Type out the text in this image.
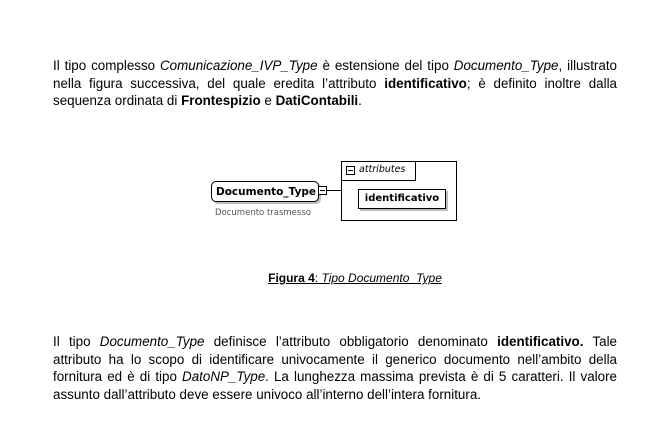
Il tipo complesso Comunicazione_IVP_Type è estensione del tipo Documento_Type, illustrato nella figura successiva, del quale eredita l’attributo identificativo; è definito inoltre dalla sequenza ordinata di Frontespizio e DatiContabili.

Documento_Type
Documento trasmesso
attributes
identificativo
Figura 4: Tipo Documento_Type

Il tipo Documento_Type definisce l’attributo obbligatorio denominato identificativo. Tale attributo ha lo scopo di identificare univocamente il generico documento nell’ambito della fornitura ed è di tipo DatoNP_Type. La lunghezza massima prevista è di 5 caratteri. Il valore assunto dall’attributo deve essere univoco all’interno dell’intera fornitura.
